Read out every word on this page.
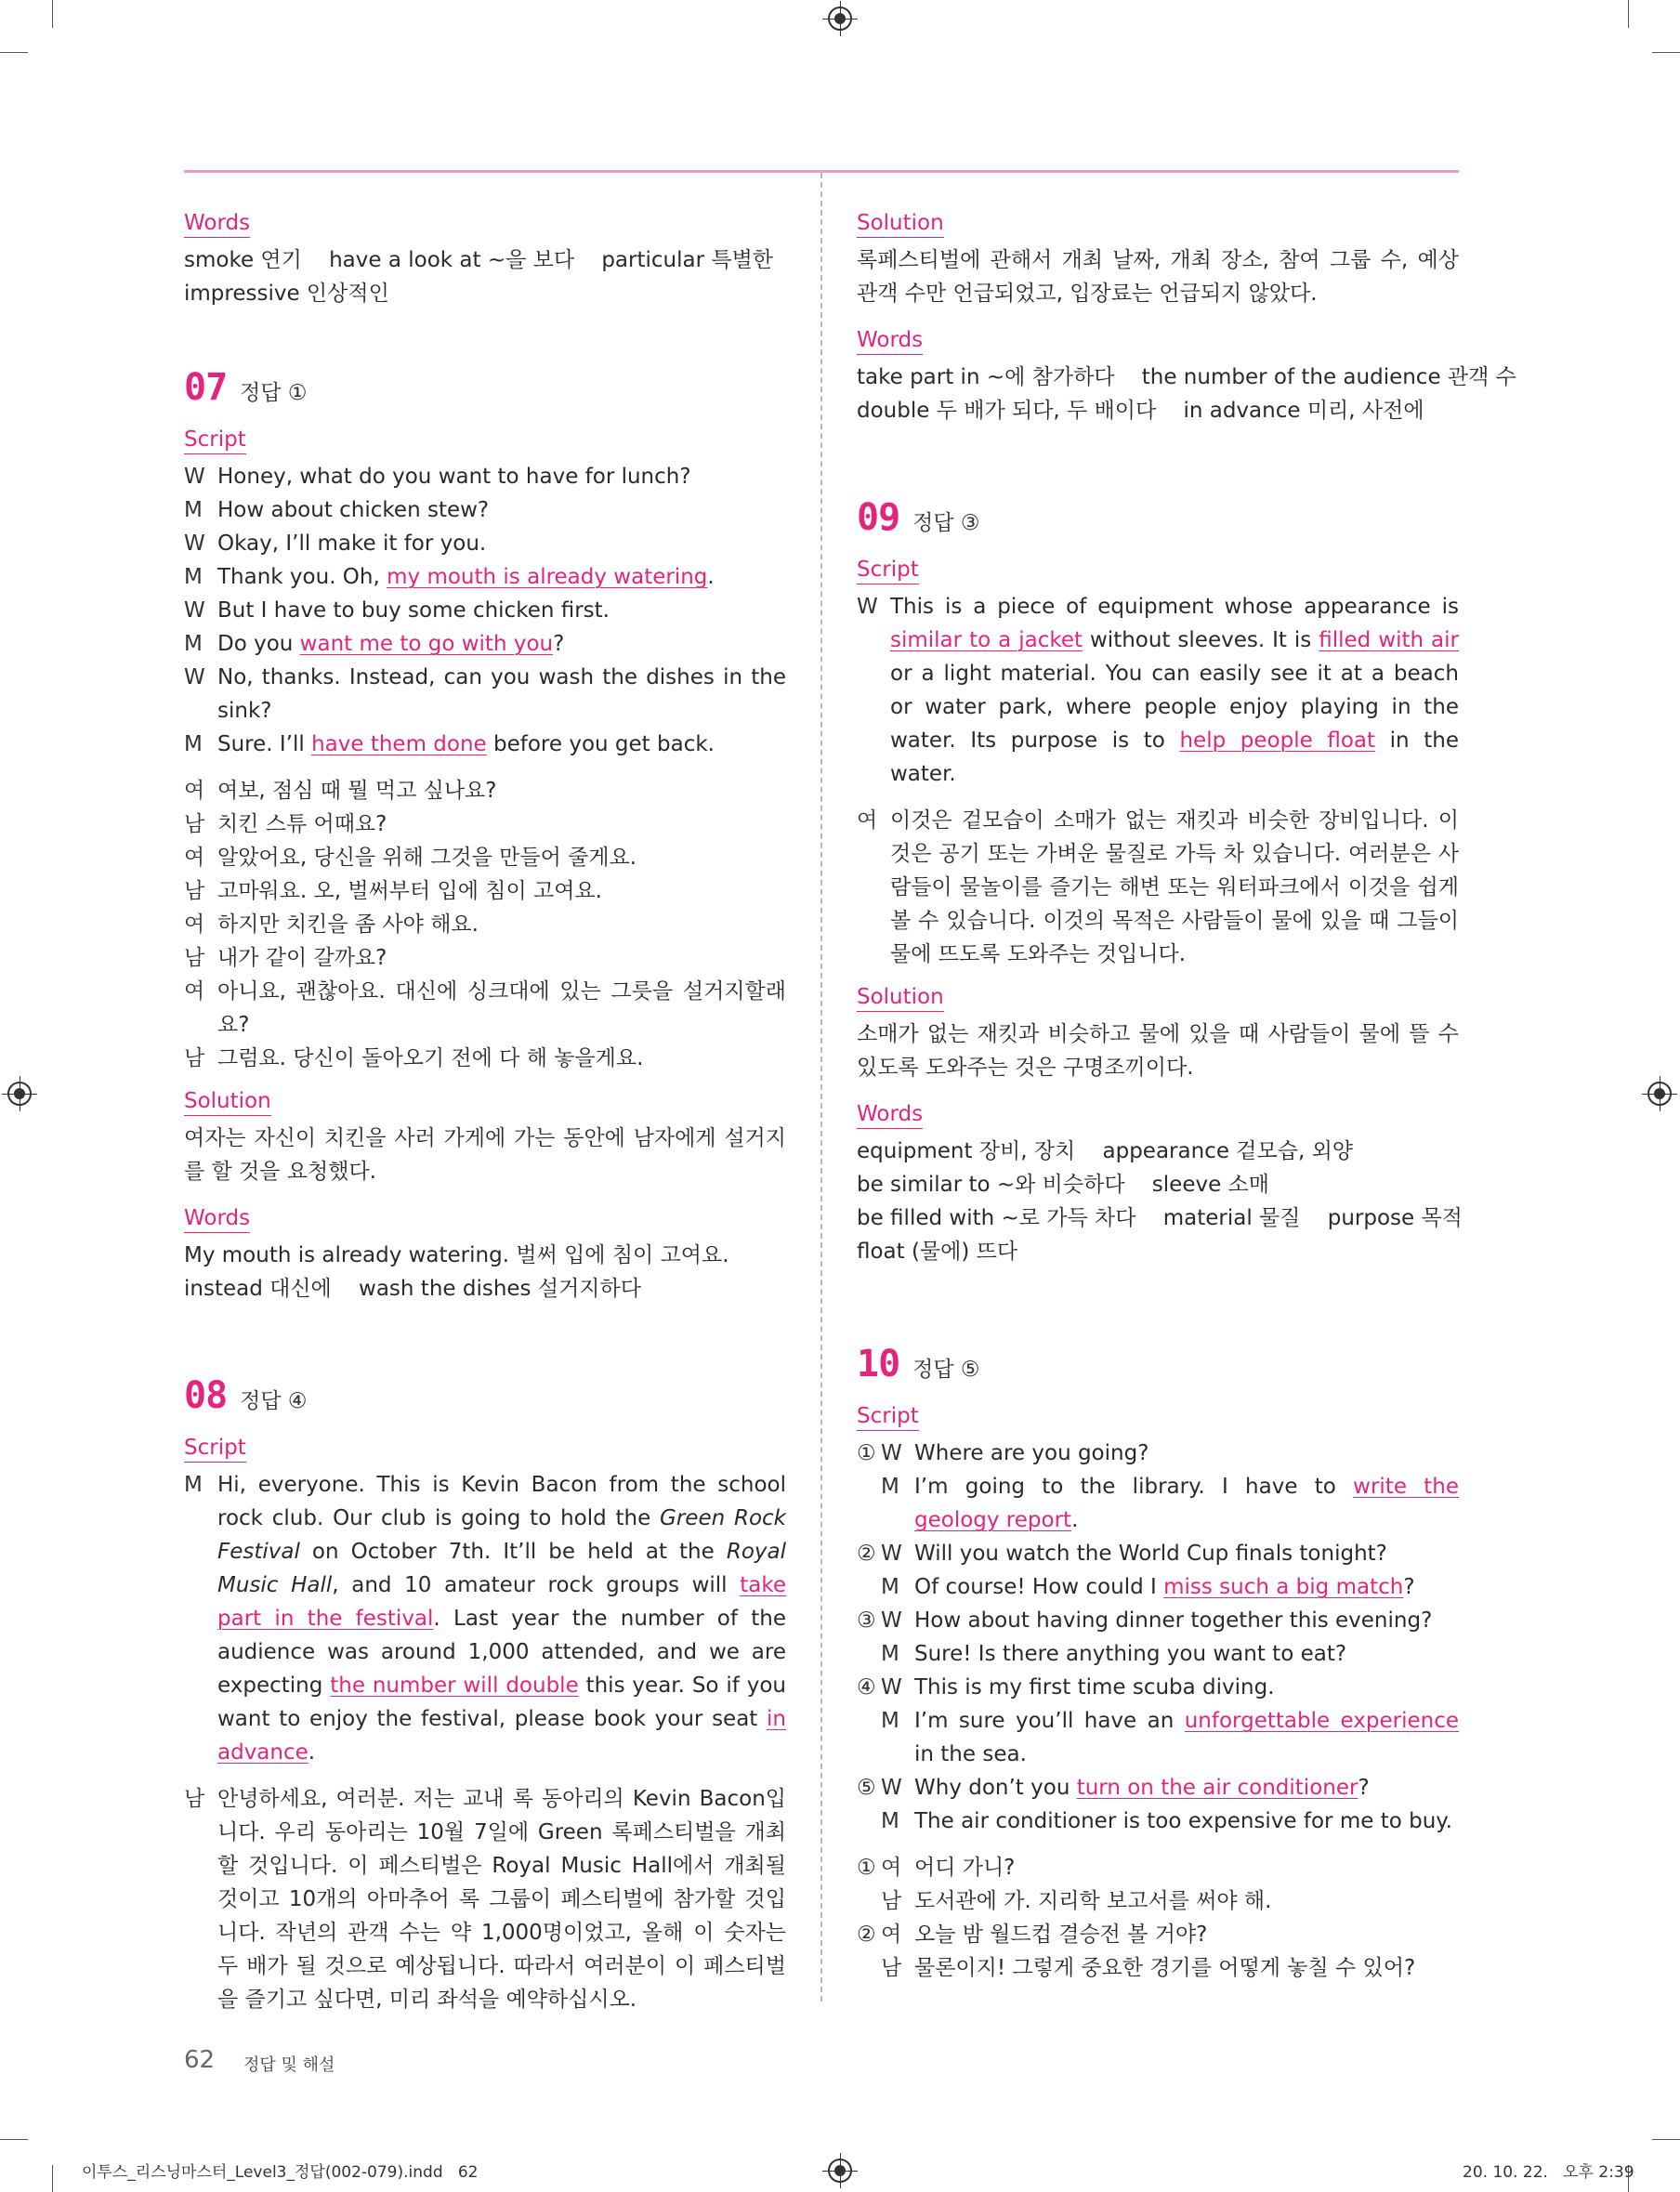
Words
smoke 연기    have a look at ~을 보다    particular 특별한
impressive 인상적인
07 정답 ①
Script
W Honey, what do you want to have for lunch?
M How about chicken stew?
W Okay, I’ll make it for you.
M Thank you. Oh, my mouth is already watering.
W But I have to buy some chicken first.
M Do you want me to go with you?
W No, thanks. Instead, can you wash the dishes in the sink?
M Sure. I’ll have them done before you get back.
여 여보, 점심 때 뭘 먹고 싶나요?
남 치킨 스튜 어때요?
여 알았어요, 당신을 위해 그것을 만들어 줄게요.
남 고마워요. 오, 벌써부터 입에 침이 고여요.
여 하지만 치킨을 좀 사야 해요.
남 내가 같이 갈까요?
여 아니요, 괜찮아요. 대신에 싱크대에 있는 그릇을 설거지할래요?
남 그럼요. 당신이 돌아오기 전에 다 해 놓을게요.
Solution
여자는 자신이 치킨을 사러 가게에 가는 동안에 남자에게 설거지를 할 것을 요청했다.
Words
My mouth is already watering. 벌써 입에 침이 고여요.
instead 대신에    wash the dishes 설거지하다
08 정답 ④
Script
M Hi, everyone. This is Kevin Bacon from the school rock club. Our club is going to hold the Green Rock Festival on October 7th. It’ll be held at the Royal Music Hall, and 10 amateur rock groups will take part in the festival. Last year the number of the audience was around 1,000 attended, and we are expecting the number will double this year. So if you want to enjoy the festival, please book your seat in advance.
남 안녕하세요, 여러분. 저는 교내 록 동아리의 Kevin Bacon입니다. 우리 동아리는 10월 7일에 Green 록페스티벌을 개최할 것입니다. 이 페스티벌은 Royal Music Hall에서 개최될 것이고 10개의 아마추어 록 그룹이 페스티벌에 참가할 것입니다. 작년의 관객 수는 약 1,000명이었고, 올해 이 숫자는 두 배가 될 것으로 예상됩니다. 따라서 여러분이 이 페스티벌을 즐기고 싶다면, 미리 좌석을 예약하십시오.
Solution
록페스티벌에 관해서 개최 날짜, 개최 장소, 참여 그룹 수, 예상 관객 수만 언급되었고, 입장료는 언급되지 않았다.
Words
take part in ~에 참가하다    the number of the audience 관객 수
double 두 배가 되다, 두 배이다    in advance 미리, 사전에
09 정답 ③
Script
W This is a piece of equipment whose appearance is similar to a jacket without sleeves. It is filled with air or a light material. You can easily see it at a beach or water park, where people enjoy playing in the water. Its purpose is to help people float in the water.
여 이것은 겉모습이 소매가 없는 재킷과 비슷한 장비입니다. 이것은 공기 또는 가벼운 물질로 가득 차 있습니다. 여러분은 사람들이 물놀이를 즐기는 해변 또는 워터파크에서 이것을 쉽게 볼 수 있습니다. 이것의 목적은 사람들이 물에 있을 때 그들이 물에 뜨도록 도와주는 것입니다.
Solution
소매가 없는 재킷과 비슷하고 물에 있을 때 사람들이 물에 뜰 수 있도록 도와주는 것은 구명조끼이다.
Words
equipment 장비, 장치    appearance 겉모습, 외양
be similar to ~와 비슷하다    sleeve 소매
be filled with ~로 가득 차다    material 물질    purpose 목적
float (물에) 뜨다
10 정답 ⑤
Script
① W Where are you going?
M I’m going to the library. I have to write the geology report.
② W Will you watch the World Cup finals tonight?
M Of course! How could I miss such a big match?
③ W How about having dinner together this evening?
M Sure! Is there anything you want to eat?
④ W This is my first time scuba diving.
M I’m sure you’ll have an unforgettable experience in the sea.
⑤ W Why don’t you turn on the air conditioner?
M The air conditioner is too expensive for me to buy.
① 여 어디 가니?
남 도서관에 가. 지리학 보고서를 써야 해.
② 여 오늘 밤 월드컵 결승전 볼 거야?
남 물론이지! 그렇게 중요한 경기를 어떻게 놓칠 수 있어?
62 정답 및 해설
이투스_리스닝마스터_Level3_정답(002-079).indd   62	20. 10. 22.   오후 2:39
